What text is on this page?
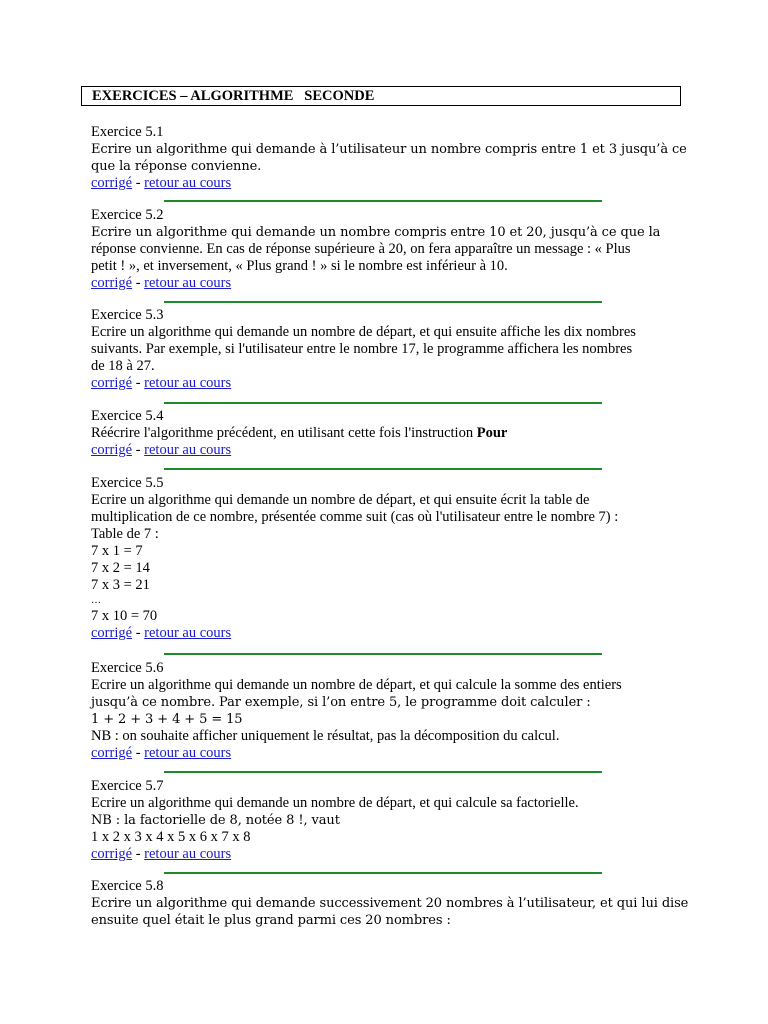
EXERCICES – ALGORITHME   SECONDE
Exercice 5.1
Ecrire un algorithme qui demande à l’utilisateur un nombre compris entre 1 et 3 jusqu’à ce
que la réponse convienne.
corrigé - retour au cours
Exercice 5.2
Ecrire un algorithme qui demande un nombre compris entre 10 et 20, jusqu’à ce que la
réponse convienne. En cas de réponse supérieure à 20, on fera apparaître un message : « Plus
petit ! », et inversement, « Plus grand ! » si le nombre est inférieur à 10.
corrigé - retour au cours
Exercice 5.3
Ecrire un algorithme qui demande un nombre de départ, et qui ensuite affiche les dix nombres
suivants. Par exemple, si l'utilisateur entre le nombre 17, le programme affichera les nombres
de 18 à 27.
corrigé - retour au cours
Exercice 5.4
Réécrire l'algorithme précédent, en utilisant cette fois l'instruction Pour
corrigé - retour au cours
Exercice 5.5
Ecrire un algorithme qui demande un nombre de départ, et qui ensuite écrit la table de
multiplication de ce nombre, présentée comme suit (cas où l'utilisateur entre le nombre 7) :
Table de 7 :
7 x 1 = 7
7 x 2 = 14
7 x 3 = 21
…
7 x 10 = 70
corrigé - retour au cours
Exercice 5.6
Ecrire un algorithme qui demande un nombre de départ, et qui calcule la somme des entiers
jusqu’à ce nombre. Par exemple, si l’on entre 5, le programme doit calculer :
1 + 2 + 3 + 4 + 5 = 15
NB : on souhaite afficher uniquement le résultat, pas la décomposition du calcul.
corrigé - retour au cours
Exercice 5.7
Ecrire un algorithme qui demande un nombre de départ, et qui calcule sa factorielle.
NB : la factorielle de 8, notée 8 !, vaut
1 x 2 x 3 x 4 x 5 x 6 x 7 x 8
corrigé - retour au cours
Exercice 5.8
Ecrire un algorithme qui demande successivement 20 nombres à l’utilisateur, et qui lui dise
ensuite quel était le plus grand parmi ces 20 nombres :
